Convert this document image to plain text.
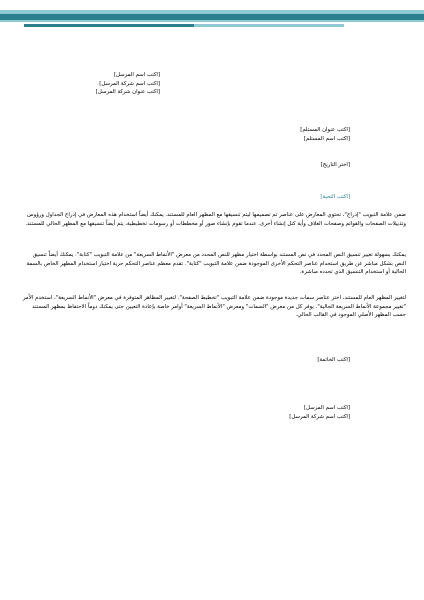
[اكتب اسم المرسل]
[اكتب اسم شركة المرسل]
[اكتب عنوان شركة المرسل]
[اكتب عنوان المستلم]
[اكتب اسم المستلم]
[اختر التاريخ]
[اكتب التحية]
ضمن علامة التبويب "إدراج"، تحتوي المعارض على عناصر تم تصميمها ليتم تنسيقها مع المظهر العام للمستند. يمكنك أيضاً استخدام هذه المعارض في إدراج الجداول ورؤوس وتذييلات الصفحات والقوائم وصفحات الغلاف وأية كتل إنشاء أخرى. عندما تقوم بإنشاء صور أو مخططات أو رسومات تخطيطية، يتم أيضاً تنسيقها مع المظهر الحالي للمستند.
يمكنك بسهولة تغيير تنسيق النص المحدد في نص المستند بواسطة اختيار مظهر للنص المحدد من معرض "الأنماط السريعة" من علامة التبويب "كتابة". يمكنك أيضاً تنسيق النص بشكل مباشر عن طريق استخدام عناصر التحكم الأخرى الموجودة ضمن علامة التبويب "كتابة". تقدم معظم عناصر التحكم حرية اختيار استخدام المظهر الخاص بالسمة الحالية أو استخدام التنسيق الذي تحدده مباشرة.
لتغيير المظهر العام للمستند، اختر عناصر سمات جديدة موجودة ضمن علامة التبويب "تخطيط الصفحة". لتغيير المظاهر المتوفرة في معرض "الأنماط السريعة"، استخدم الأمر "تغيير مجموعة الأنماط السريعة الحالية". يوفر كل من معرض "السمات" ومعرض "الأنماط السريعة" أوامر خاصة بإعادة التعيين حتى يمكنك دوماً الاحتفاظ بمظهر المستند حسب المظهر الأصلي الموجود في القالب الحالي.
[اكتب الخاتمة]
[اكتب اسم المرسل]
[اكتب اسم شركة المرسل]
